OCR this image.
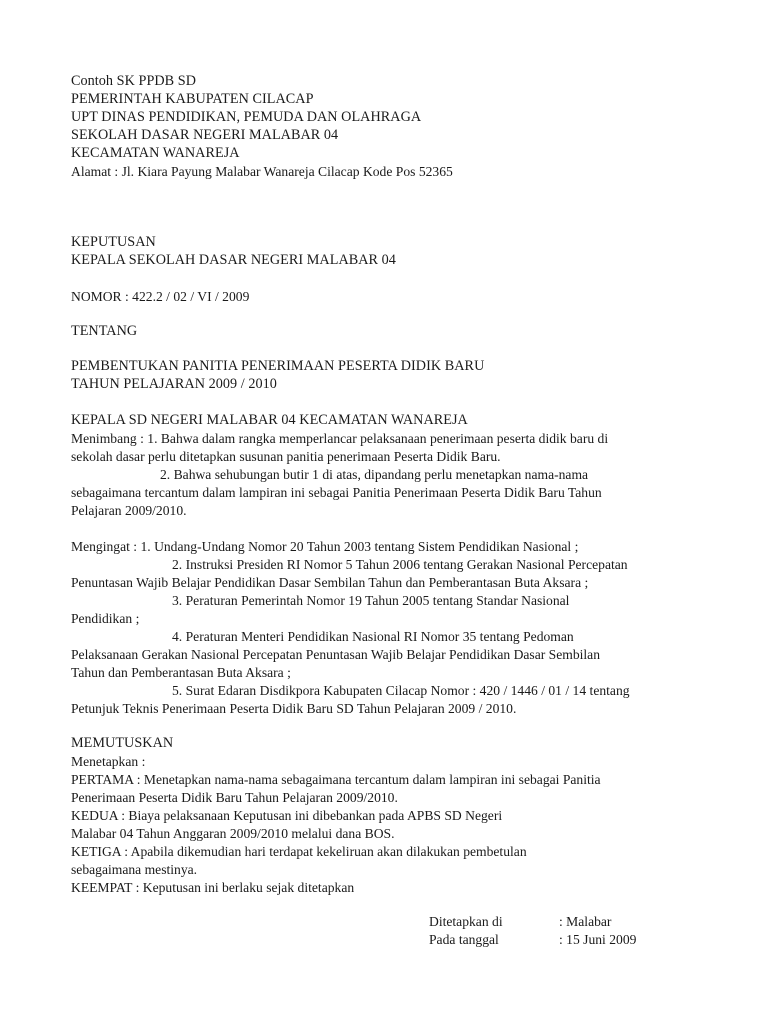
Contoh SK PPDB SD
PEMERINTAH KABUPATEN CILACAP
UPT DINAS PENDIDIKAN, PEMUDA DAN OLAHRAGA
SEKOLAH DASAR NEGERI MALABAR 04
KECAMATAN WANAREJA
Alamat : Jl. Kiara Payung Malabar Wanareja Cilacap Kode Pos 52365
KEPUTUSAN
KEPALA SEKOLAH DASAR NEGERI MALABAR 04
NOMOR : 422.2 / 02 / VI / 2009
TENTANG
PEMBENTUKAN PANITIA PENERIMAAN PESERTA DIDIK BARU
TAHUN PELAJARAN 2009 / 2010
KEPALA SD NEGERI MALABAR 04 KECAMATAN WANAREJA
Menimbang : 1. Bahwa dalam rangka memperlancar pelaksanaan penerimaan peserta didik baru di
sekolah dasar perlu ditetapkan susunan panitia penerimaan Peserta Didik Baru.
2. Bahwa sehubungan butir 1 di atas, dipandang perlu menetapkan nama-nama
sebagaimana tercantum dalam lampiran ini sebagai Panitia Penerimaan Peserta Didik Baru Tahun
Pelajaran 2009/2010.
Mengingat : 1. Undang-Undang Nomor 20 Tahun 2003 tentang Sistem Pendidikan Nasional ;
2. Instruksi Presiden RI Nomor 5 Tahun 2006 tentang Gerakan Nasional Percepatan
Penuntasan Wajib Belajar Pendidikan Dasar Sembilan Tahun dan Pemberantasan Buta Aksara ;
3. Peraturan Pemerintah Nomor 19 Tahun 2005 tentang Standar Nasional
Pendidikan ;
4. Peraturan Menteri Pendidikan Nasional RI Nomor 35 tentang Pedoman
Pelaksanaan Gerakan Nasional Percepatan Penuntasan Wajib Belajar Pendidikan Dasar Sembilan
Tahun dan Pemberantasan Buta Aksara ;
5. Surat Edaran Disdikpora Kabupaten Cilacap Nomor : 420 / 1446 / 01 / 14 tentang
Petunjuk Teknis Penerimaan Peserta Didik Baru SD Tahun Pelajaran 2009 / 2010.
MEMUTUSKAN
Menetapkan :
PERTAMA : Menetapkan nama-nama sebagaimana tercantum dalam lampiran ini sebagai Panitia
Penerimaan Peserta Didik Baru Tahun Pelajaran 2009/2010.
KEDUA : Biaya pelaksanaan Keputusan ini dibebankan pada APBS SD Negeri
Malabar 04 Tahun Anggaran 2009/2010 melalui dana BOS.
KETIGA : Apabila dikemudian hari terdapat kekeliruan akan dilakukan pembetulan
sebagaimana mestinya.
KEEMPAT : Keputusan ini berlaku sejak ditetapkan
Ditetapkan di	: Malabar
Pada tanggal	: 15 Juni 2009
